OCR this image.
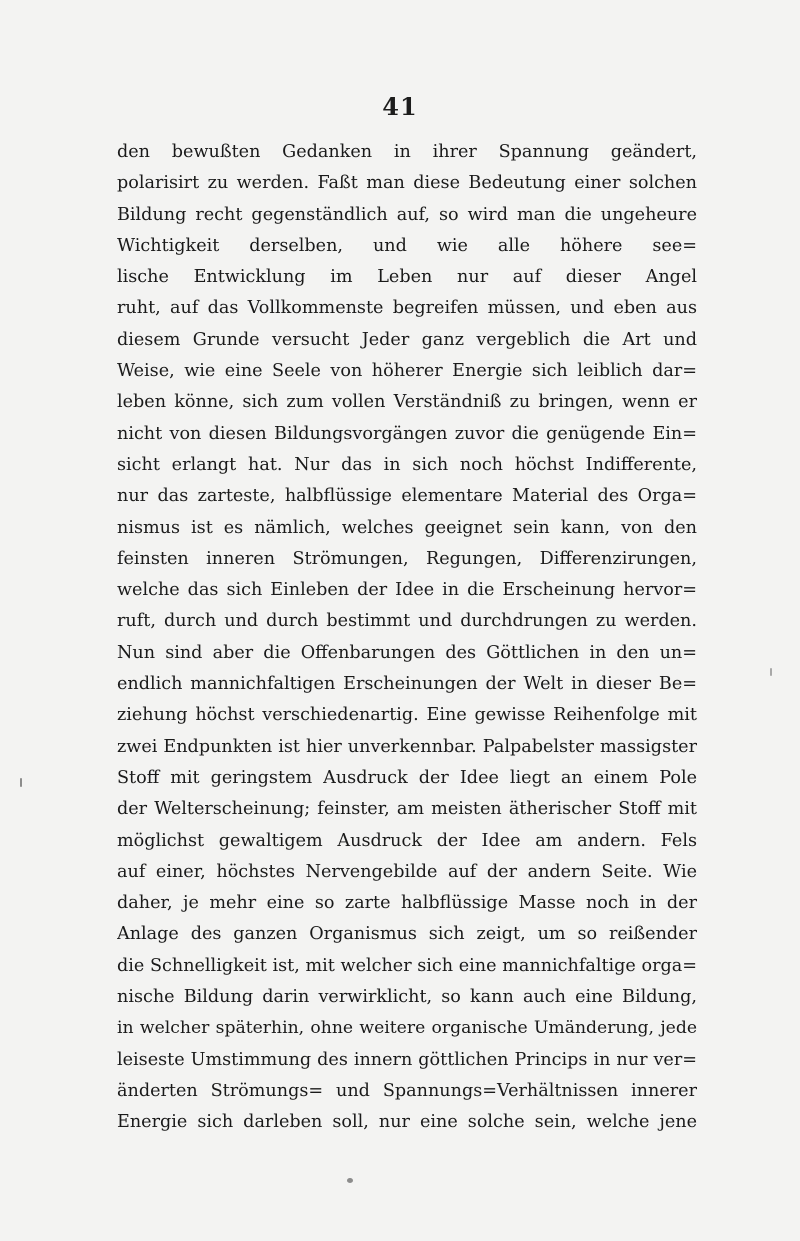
41
den bewußten Gedanken in ihrer Spannung geändert,
polarisirt zu werden. Faßt man diese Bedeutung einer solchen
Bildung recht gegenständlich auf, so wird man die ungeheure
Wichtigkeit derselben, und wie alle höhere see=
lische Entwicklung im Leben nur auf dieser Angel
ruht, auf das Vollkommenste begreifen müssen, und eben aus
diesem Grunde versucht Jeder ganz vergeblich die Art und
Weise, wie eine Seele von höherer Energie sich leiblich dar=
leben könne, sich zum vollen Verständniß zu bringen, wenn er
nicht von diesen Bildungsvorgängen zuvor die genügende Ein=
sicht erlangt hat. Nur das in sich noch höchst Indifferente,
nur das zarteste, halbflüssige elementare Material des Orga=
nismus ist es nämlich, welches geeignet sein kann, von den
feinsten inneren Strömungen, Regungen, Differenzirungen,
welche das sich Einleben der Idee in die Erscheinung hervor=
ruft, durch und durch bestimmt und durchdrungen zu werden.
Nun sind aber die Offenbarungen des Göttlichen in den un=
endlich mannichfaltigen Erscheinungen der Welt in dieser Be=
ziehung höchst verschiedenartig. Eine gewisse Reihenfolge mit
zwei Endpunkten ist hier unverkennbar. Palpabelster massigster
Stoff mit geringstem Ausdruck der Idee liegt an einem Pole
der Welterscheinung; feinster, am meisten ätherischer Stoff mit
möglichst gewaltigem Ausdruck der Idee am andern. Fels
auf einer, höchstes Nervengebilde auf der andern Seite. Wie
daher, je mehr eine so zarte halbflüssige Masse noch in der
Anlage des ganzen Organismus sich zeigt, um so reißender
die Schnelligkeit ist, mit welcher sich eine mannichfaltige orga=
nische Bildung darin verwirklicht, so kann auch eine Bildung,
in welcher späterhin, ohne weitere organische Umänderung, jede
leiseste Umstimmung des innern göttlichen Princips in nur ver=
änderten Strömungs= und Spannungs=Verhältnissen innerer
Energie sich darleben soll, nur eine solche sein, welche jene
